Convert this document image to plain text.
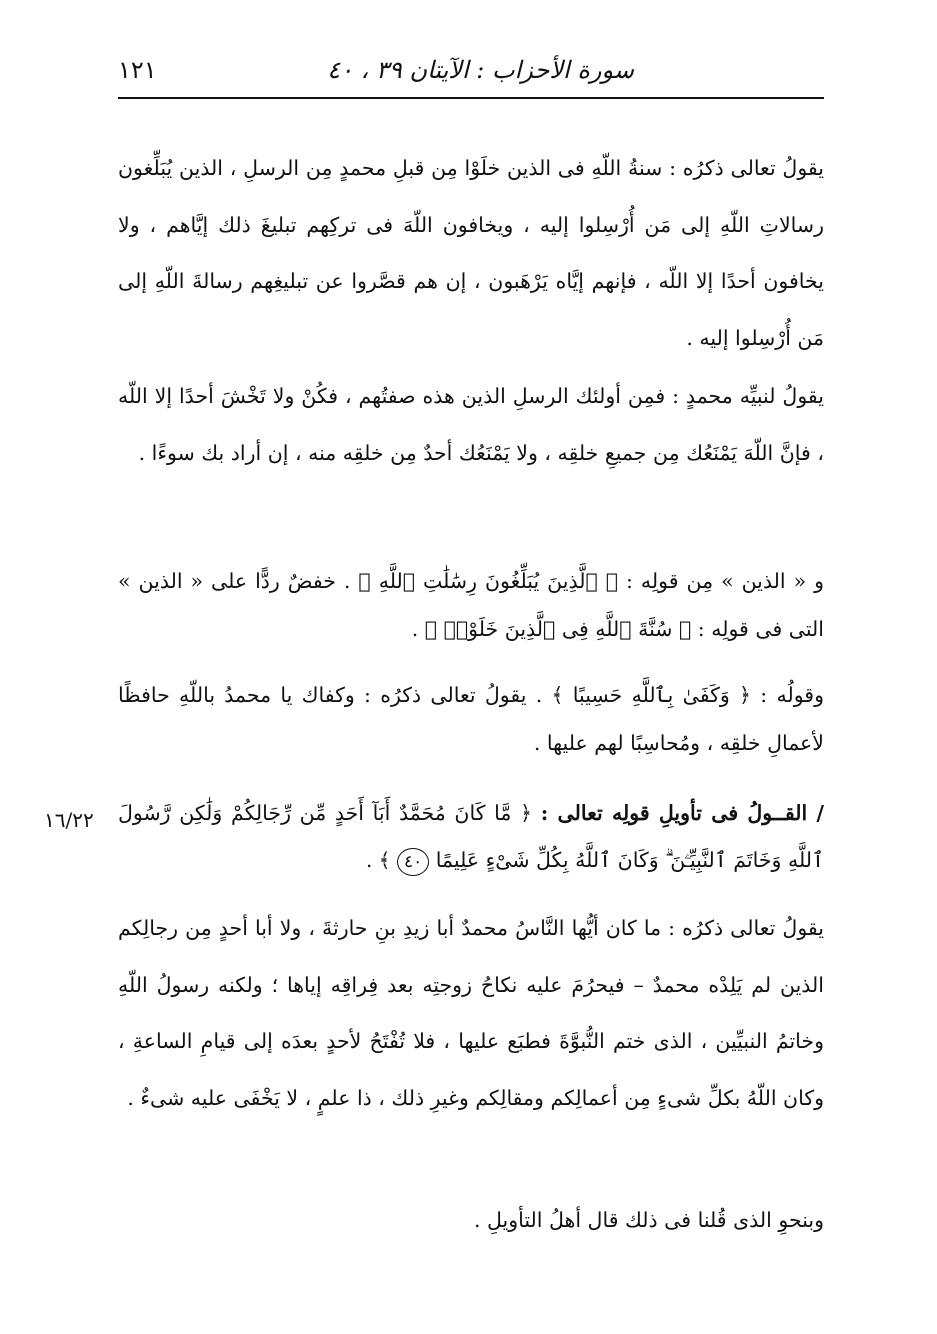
سورة الأحزاب : الآيتان ٣٩ ، ٤٠
١٢١

يقولُ تعالى ذكرُه : سنةُ اللّهِ فى الذين خلَوْا مِن قبلِ محمدٍ مِن الرسلِ ، الذين يُبَلِّغون رسالاتِ اللّهِ إلى مَن أُرْسِلوا إليه ، ويخافون اللّهَ فى تركِهم تبليغَ ذلك إيَّاهم ، ولا يخافون أحدًا إلا اللّه ، فإنهم إيَّاه يَرْهَبون ، إن هم قصَّروا عن تبليغِهم رسالةَ اللّهِ إلى مَن أُرْسِلوا إليه .

يقولُ لنبيِّه محمدٍ : فمِن أولئك الرسلِ الذين هذه صفتُهم ، فكُنْ ولا تَخْشَ أحدًا إلا اللّه ، فإنَّ اللّهَ يَمْنَعُك مِن جميعِ خلقِه ، ولا يَمْنَعُك أحدٌ مِن خلقِه منه ، إن أراد بك سوءًا .

و « الذين » مِن قولِه : ﴿ ٱلَّذِينَ يُبَلِّغُونَ رِسَٰلَٰتِ ٱللَّهِ ﴾ . خفضٌ ردًّا على « الذين » التى فى قولِه : ﴿ سُنَّةَ ٱللَّهِ فِى ٱلَّذِينَ خَلَوْا۟ ﴾ .

وقولُه : ﴿ وَكَفَىٰ بِٱللَّهِ حَسِيبًا ﴾ . يقولُ تعالى ذكرُه : وكفاك يا محمدُ باللّهِ حافظًا لأعمالِ خلقِه ، ومُحاسِبًا لهم عليها .

١٦/٢٢	/ القــولُ فى تأويلِ قولِه تعالى : ﴿ مَّا كَانَ مُحَمَّدٌ أَبَآ أَحَدٍ مِّن رِّجَالِكُمْ وَلَٰكِن رَّسُولَ ٱللَّهِ وَخَاتَمَ ٱلنَّبِيِّـۧنَ ۗ وَكَانَ ٱللَّهُ بِكُلِّ شَىْءٍ عَلِيمًا ٤٠ ﴾ .

يقولُ تعالى ذكرُه : ما كان أيُّها النَّاسُ محمدٌ أبا زيدِ بنِ حارثةَ ، ولا أبا أحدٍ مِن رجالِكم الذين لم يَلِدْه محمدٌ – فيحرُمَ عليه نكاحُ زوجتِه بعد فِراقِه إياها ؛ ولكنه رسولُ اللّهِ وخاتمُ النبيِّين ، الذى ختم النُّبوَّةَ فطبَع عليها ، فلا تُفْتَحُ لأحدٍ بعدَه إلى قيامِ الساعةِ ، وكان اللّهُ بكلِّ شىءٍ مِن أعمالِكم ومقالِكم وغيرِ ذلك ، ذا علمٍ ، لا يَخْفَى عليه شىءٌ .

وبنحوِ الذى قُلنا فى ذلك قال أهلُ التأويلِ .
